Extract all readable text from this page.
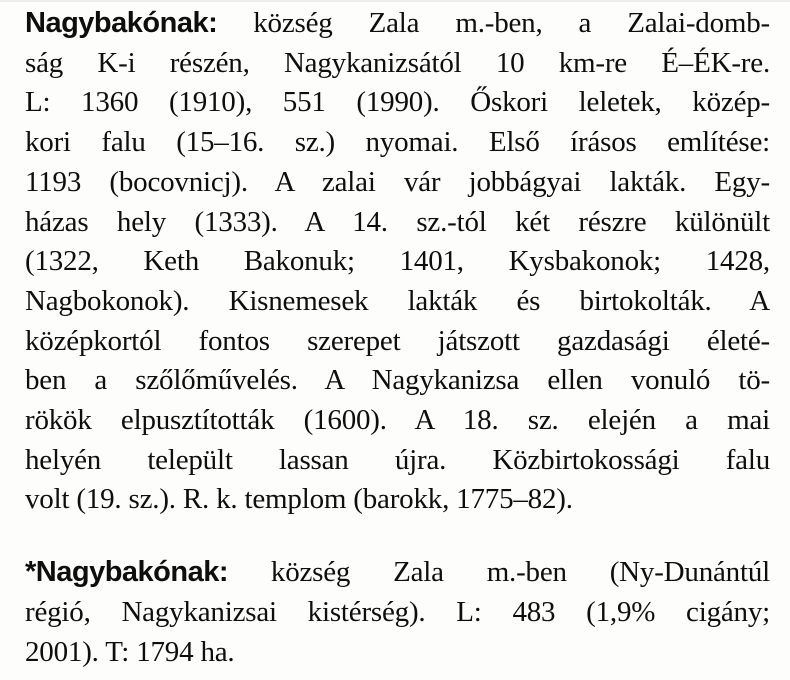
Nagybakónak: község Zala m.-ben, a Zalai-domb-
ság K-i részén, Nagykanizsától 10 km-re É–ÉK-re.
L: 1360 (1910), 551 (1990). Őskori leletek, közép-
kori falu (15–16. sz.) nyomai. Első írásos említése:
1193 (bocovnicj). A zalai vár jobbágyai lakták. Egy-
házas hely (1333). A 14. sz.-tól két részre különült
(1322, Keth Bakonuk; 1401, Kysbakonok; 1428,
Nagbokonok). Kisnemesek lakták és birtokolták. A
középkortól fontos szerepet játszott gazdasági életé-
ben a szőlőművelés. A Nagykanizsa ellen vonuló tö-
rökök elpusztították (1600). A 18. sz. elején a mai
helyén települt lassan újra. Közbirtokossági falu
volt (19. sz.). R. k. templom (barokk, 1775–82).

*Nagybakónak: község Zala m.-ben (Ny-Dunántúl
régió, Nagykanizsai kistérség). L: 483 (1,9% cigány;
2001). T: 1794 ha.
